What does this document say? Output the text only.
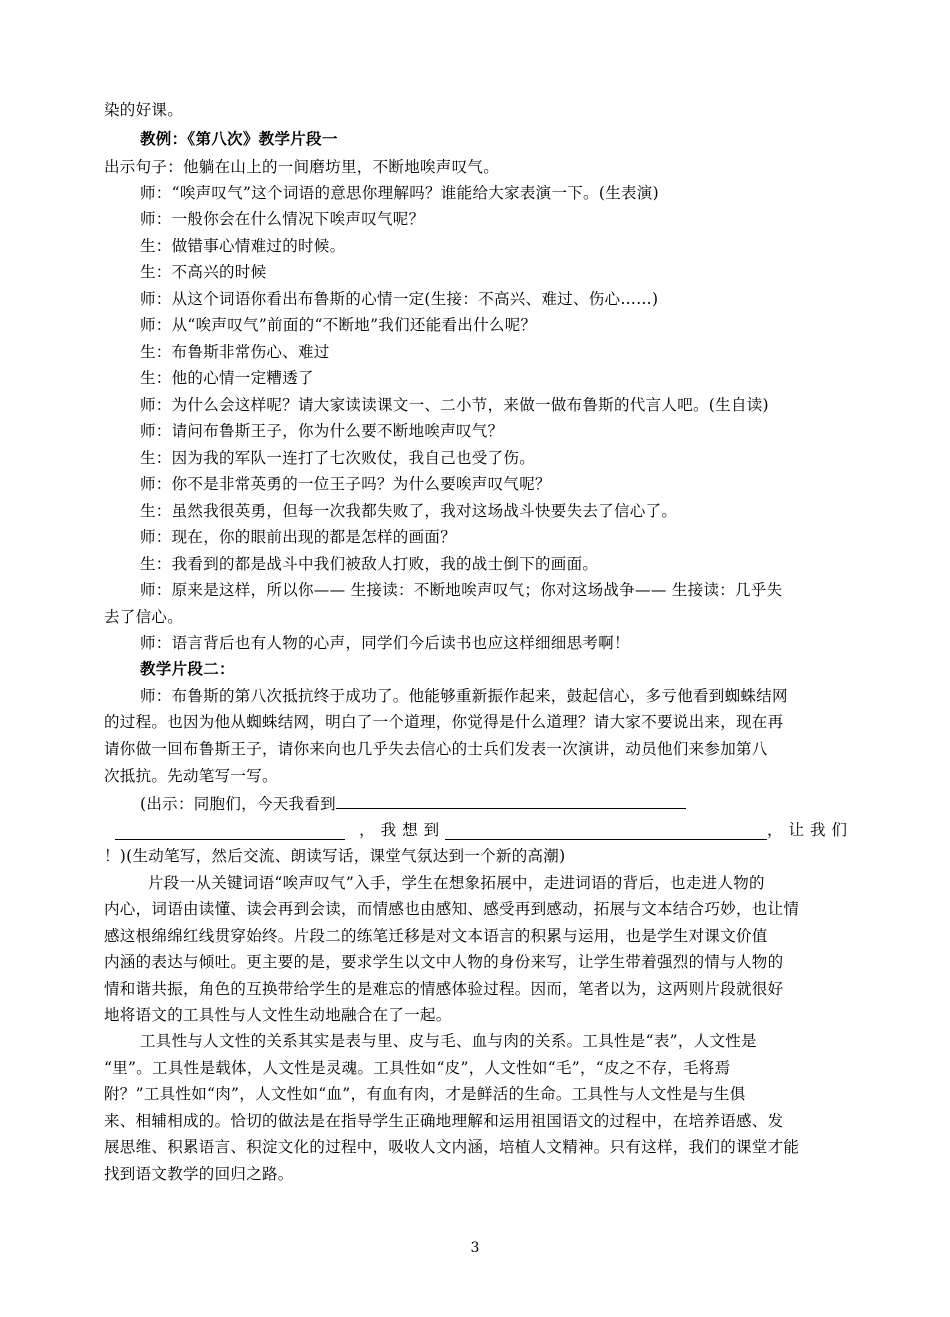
染的好课。
教例：《第八次》教学片段一
出示句子：他躺在山上的一间磨坊里，不断地唉声叹气。
师：“唉声叹气”这个词语的意思你理解吗？谁能给大家表演一下。(生表演)
师：一般你会在什么情况下唉声叹气呢？
生：做错事心情难过的时候。
生：不高兴的时候
师：从这个词语你看出布鲁斯的心情一定(生接：不高兴、难过、伤心……)
师：从“唉声叹气”前面的“不断地”我们还能看出什么呢？
生：布鲁斯非常伤心、难过
生：他的心情一定糟透了
师：为什么会这样呢？请大家读读课文一、二小节，来做一做布鲁斯的代言人吧。(生自读)
师：请问布鲁斯王子，你为什么要不断地唉声叹气？
生：因为我的军队一连打了七次败仗，我自己也受了伤。
师：你不是非常英勇的一位王子吗？为什么要唉声叹气呢？
生：虽然我很英勇，但每一次我都失败了，我对这场战斗快要失去了信心了。
师：现在，你的眼前出现的都是怎样的画面？
生：我看到的都是战斗中我们被敌人打败，我的战士倒下的画面。
师：原来是这样，所以你—— 生接读：不断地唉声叹气；你对这场战争—— 生接读：几乎失
去了信心。
师：语言背后也有人物的心声，同学们今后读书也应这样细细思考啊！
教学片段二：
师：布鲁斯的第八次抵抗终于成功了。他能够重新振作起来，鼓起信心，多亏他看到蜘蛛结网
的过程。也因为他从蜘蛛结网，明白了一个道理，你觉得是什么道理？请大家不要说出来，现在再
请你做一回布鲁斯王子，请你来向也几乎失去信心的士兵们发表一次演讲，动员他们来参加第八
次抵抗。先动笔写一写。
(出示：同胞们，今天我看到
，我想到	，让我们
！)(生动笔写，然后交流、朗读写话，课堂气氛达到一个新的高潮)
片段一从关键词语“唉声叹气”入手，学生在想象拓展中，走进词语的背后，也走进人物的
内心，词语由读懂、读会再到会读，而情感也由感知、感受再到感动，拓展与文本结合巧妙，也让情
感这根绵绵红线贯穿始终。片段二的练笔迁移是对文本语言的积累与运用，也是学生对课文价值
内涵的表达与倾吐。更主要的是，要求学生以文中人物的身份来写，让学生带着强烈的情与人物的
情和谐共振，角色的互换带给学生的是难忘的情感体验过程。因而，笔者以为，这两则片段就很好
地将语文的工具性与人文性生动地融合在了一起。
工具性与人文性的关系其实是表与里、皮与毛、血与肉的关系。工具性是“表”，人文性是
“里”。工具性是载体，人文性是灵魂。工具性如“皮”，人文性如“毛”，“皮之不存，毛将焉
附？”工具性如“肉”，人文性如“血”，有血有肉，才是鲜活的生命。工具性与人文性是与生俱
来、相辅相成的。恰切的做法是在指导学生正确地理解和运用祖国语文的过程中，在培养语感、发
展思维、积累语言、积淀文化的过程中，吸收人文内涵，培植人文精神。只有这样，我们的课堂才能
找到语文教学的回归之路。
3
